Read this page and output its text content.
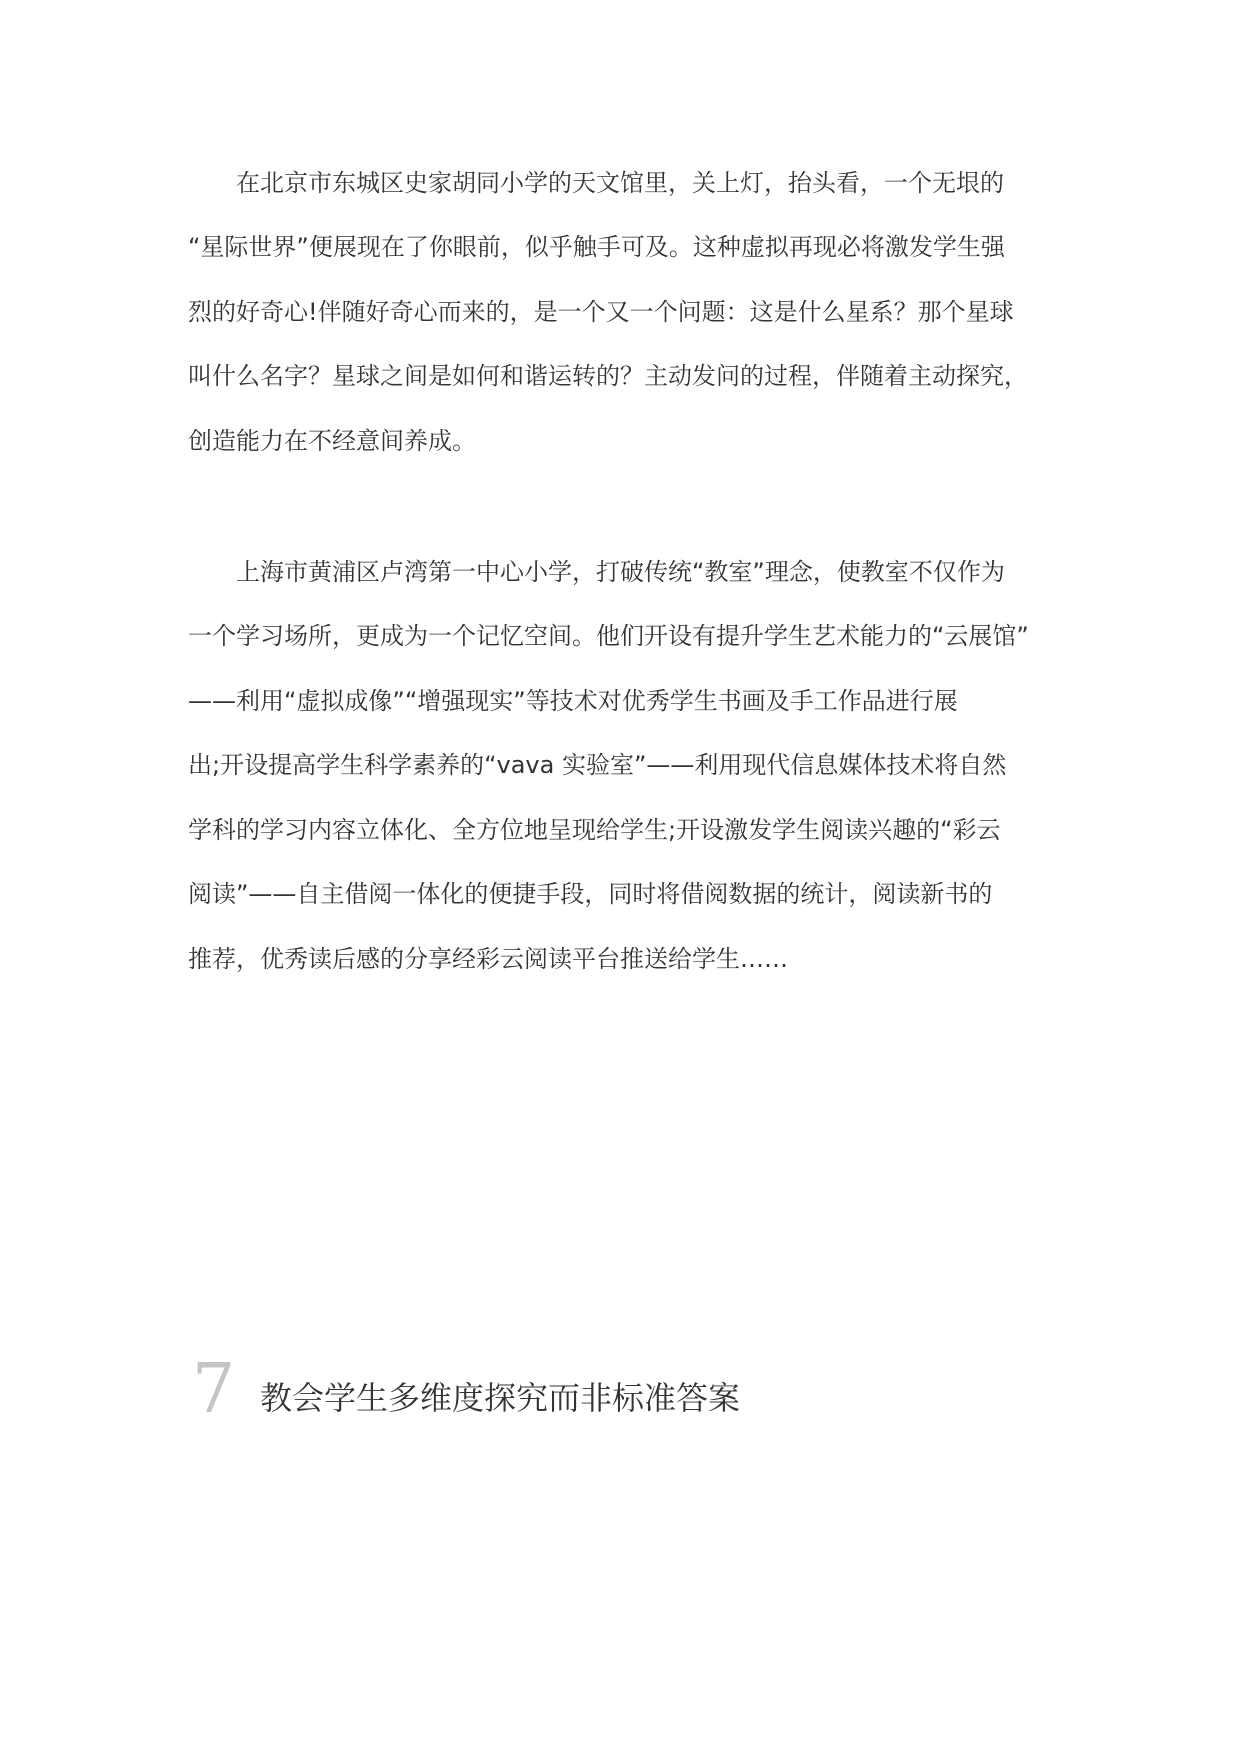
在北京市东城区史家胡同小学的天文馆里，关上灯，抬头看，一个无垠的
“星际世界”便展现在了你眼前，似乎触手可及。这种虚拟再现必将激发学生强
烈的好奇心!伴随好奇心而来的，是一个又一个问题：这是什么星系？那个星球
叫什么名字？星球之间是如何和谐运转的？主动发问的过程，伴随着主动探究，
创造能力在不经意间养成。
上海市黄浦区卢湾第一中心小学，打破传统“教室”理念，使教室不仅作为
一个学习场所，更成为一个记忆空间。他们开设有提升学生艺术能力的“云展馆”
——利用“虚拟成像”“增强现实”等技术对优秀学生书画及手工作品进行展
出;开设提高学生科学素养的“vava 实验室”——利用现代信息媒体技术将自然
学科的学习内容立体化、全方位地呈现给学生;开设激发学生阅读兴趣的“彩云
阅读”——自主借阅一体化的便捷手段，同时将借阅数据的统计，阅读新书的
推荐，优秀读后感的分享经彩云阅读平台推送给学生……
7 教会学生多维度探究而非标准答案
